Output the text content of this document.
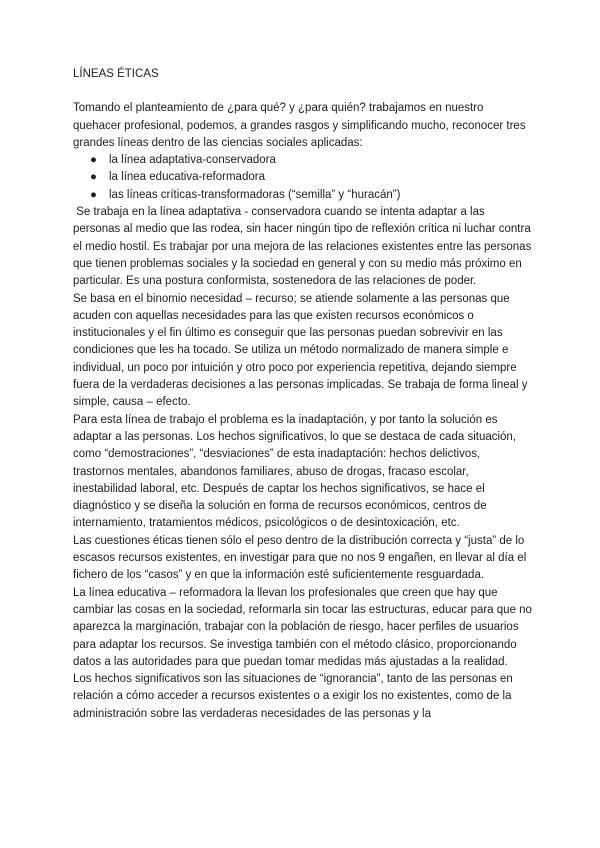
LÍNEAS ÉTICAS

Tomando el planteamiento de ¿para qué? y ¿para quién? trabajamos en nuestro quehacer profesional, podemos, a grandes rasgos y simplificando mucho, reconocer tres grandes líneas dentro de las ciencias sociales aplicadas:

● la línea adaptativa-conservadora
● la línea educativa-reformadora
● las líneas críticas-transformadoras (“semilla” y “huracán”)

Se trabaja en la línea adaptativa - conservadora cuando se intenta adaptar a las personas al medio que las rodea, sin hacer ningún tipo de reflexión crítica ni luchar contra el medio hostil. Es trabajar por una mejora de las relaciones existentes entre las personas que tienen problemas sociales y la sociedad en general y con su medio más próximo en particular. Es una postura conformista, sostenedora de las relaciones de poder.

Se basa en el binomio necesidad – recurso; se atiende solamente a las personas que acuden con aquellas necesidades para las que existen recursos económicos o institucionales y el fin último es conseguir que las personas puedan sobrevivir en las condiciones que les ha tocado. Se utiliza un método normalizado de manera simple e individual, un poco por intuición y otro poco por experiencia repetitiva, dejando siempre fuera de la verdaderas decisiones a las personas implicadas. Se trabaja de forma lineal y simple, causa – efecto.

Para esta línea de trabajo el problema es la inadaptación, y por tanto la solución es adaptar a las personas. Los hechos significativos, lo que se destaca de cada situación, como “demostraciones”, “desviaciones” de esta inadaptación: hechos delictivos, trastornos mentales, abandonos familiares, abuso de drogas, fracaso escolar, inestabilidad laboral, etc. Después de captar los hechos significativos, se hace el diagnóstico y se diseña la solución en forma de recursos económicos, centros de internamiento, tratamientos médicos, psicológicos o de desintoxicación, etc.

Las cuestiones éticas tienen sólo el peso dentro de la distribución correcta y “justa” de lo escasos recursos existentes, en investigar para que no nos 9 engañen, en llevar al día el fichero de los “casos” y en que la información esté suficientemente resguardada.

La línea educativa – reformadora la llevan los profesionales que creen que hay que cambiar las cosas en la sociedad, reformarla sin tocar las estructuras, educar para que no aparezca la marginación, trabajar con la población de riesgo, hacer perfiles de usuarios para adaptar los recursos. Se investiga también con el método clásico, proporcionando datos a las autoridades para que puedan tomar medidas más ajustadas a la realidad.

Los hechos significativos son las situaciones de “ignorancia”, tanto de las personas en relación a cómo acceder a recursos existentes o a exigir los no existentes, como de la administración sobre las verdaderas necesidades de las personas y la
